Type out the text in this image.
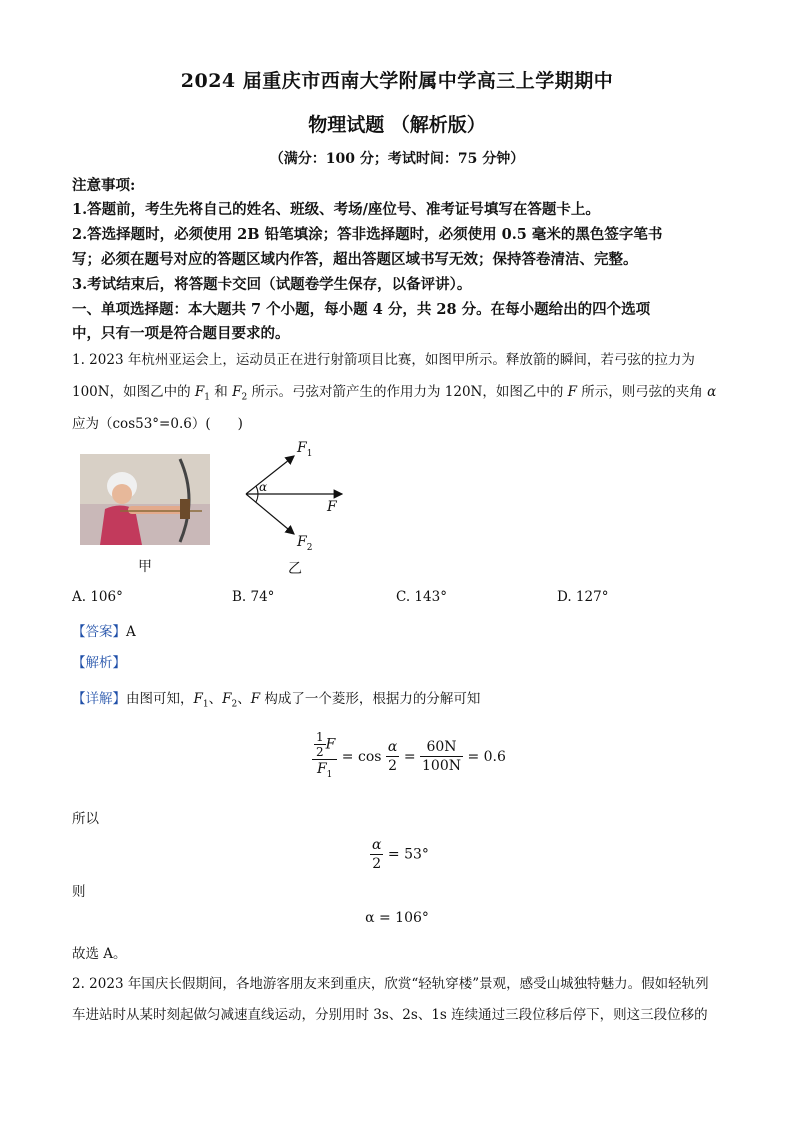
2024 届重庆市西南大学附属中学高三上学期期中
物理试题 （解析版）
（满分：100 分；考试时间：75 分钟）
注意事项:
1.答题前，考生先将自己的姓名、班级、考场/座位号、准考证号填写在答题卡上。
2.答选择题时，必须使用 2B 铅笔填涂；答非选择题时，必须使用 0.5 毫米的黑色签字笔书
写；必须在题号对应的答题区域内作答，超出答题区域书写无效；保持答卷清洁、完整。
3.考试结束后，将答题卡交回（试题卷学生保存，以备评讲）。
一、单项选择题：本大题共 7 个小题，每小题 4 分，共 28 分。在每小题给出的四个选项
中，只有一项是符合题目要求的。
1. 2023 年杭州亚运会上，运动员正在进行射箭项目比赛，如图甲所示。释放箭的瞬间，若弓弦的拉力为
100N，如图乙中的 $F_1$ 和 $F_2$ 所示。弓弦对箭产生的作用力为 120N，如图乙中的 F 所示，则弓弦的夹角 α
应为（cos53°=0.6）(　　)
甲
$F_1$
$F_2$
F
α
乙
A. 106°	B. 74°	C. 143°	D. 127°
【答案】A
【解析】
【详解】由图可知，$F_1$、$F_2$、F 构成了一个菱形，根据力的分解可知
$\frac{\frac{1}{2} F}{F_1} = \cos \frac{\alpha}{2} = \frac{60N}{100N} = 0.6$
所以
$\frac{\alpha}{2} = 53^\circ$
则
α = 106°
故选 A。
2. 2023 年国庆长假期间，各地游客朋友来到重庆，欣赏“轻轨穿楼”景观，感受山城独特魅力。假如轻轨列
车进站时从某时刻起做匀减速直线运动，分别用时 3s、2s、1s 连续通过三段位移后停下，则这三段位移的
